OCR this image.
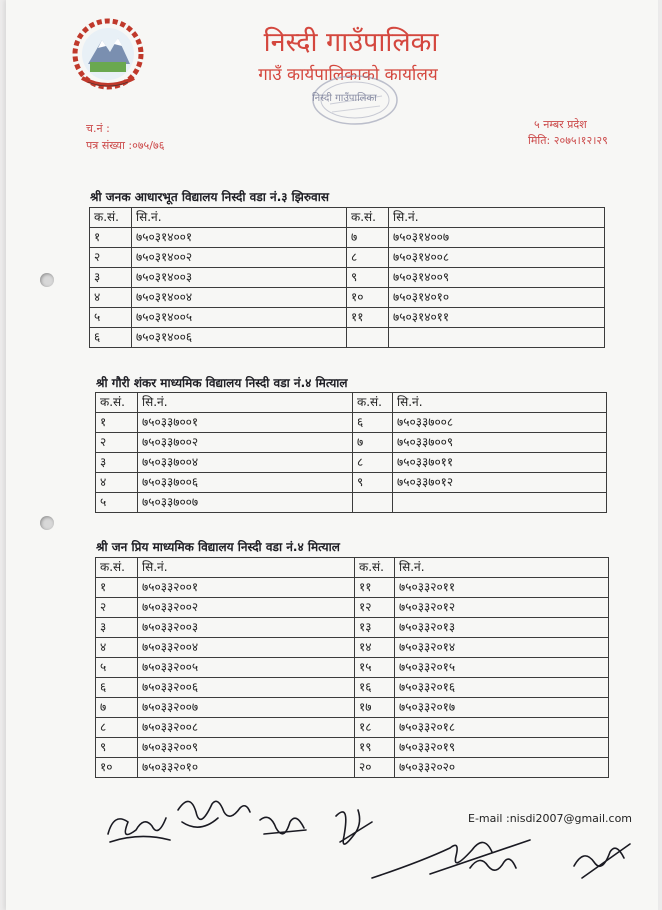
निस्दी गाउँपालिका
गाउँ कार्यपालिकाको कार्यालय
निस्दी गाउँपालिका
च.नं :
पत्र संख्या :०७५/७६
५ नम्बर प्रदेश
मिति: २०७५।१२।२९
श्री जनक आधारभूत विद्यालय निस्दी वडा नं.३ झिरुवास
क.सं.	सि.नं.	क.सं.	सि.नं.
१	७५०३१४००१	७	७५०३१४००७
२	७५०३१४००२	८	७५०३१४००८
३	७५०३१४००३	९	७५०३१४००९
४	७५०३१४००४	१०	७५०३१४०१०
५	७५०३१४००५	११	७५०३१४०११
६	७५०३१४००६		
श्री गौरी शंकर माध्यमिक विद्यालय निस्दी वडा नं.४ मित्याल
क.सं.	सि.नं.	क.सं.	सि.नं.
१	७५०३३७००१	६	७५०३३७००८
२	७५०३३७००२	७	७५०३३७००९
३	७५०३३७००४	८	७५०३३७०११
४	७५०३३७००६	९	७५०३३७०१२
५	७५०३३७००७		
श्री जन प्रिय माध्यमिक विद्यालय निस्दी वडा नं.४ मित्याल
क.सं.	सि.नं.	क.सं.	सि.नं.
१	७५०३३२००१	११	७५०३३२०११
२	७५०३३२००२	१२	७५०३३२०१२
३	७५०३३२००३	१३	७५०३३२०१३
४	७५०३३२००४	१४	७५०३३२०१४
५	७५०३३२००५	१५	७५०३३२०१५
६	७५०३३२००६	१६	७५०३३२०१६
७	७५०३३२००७	१७	७५०३३२०१७
८	७५०३३२००८	१८	७५०३३२०१८
९	७५०३३२००९	१९	७५०३३२०१९
१०	७५०३३२०१०	२०	७५०३३२०२०
E-mail :nisdi2007@gmail.com
